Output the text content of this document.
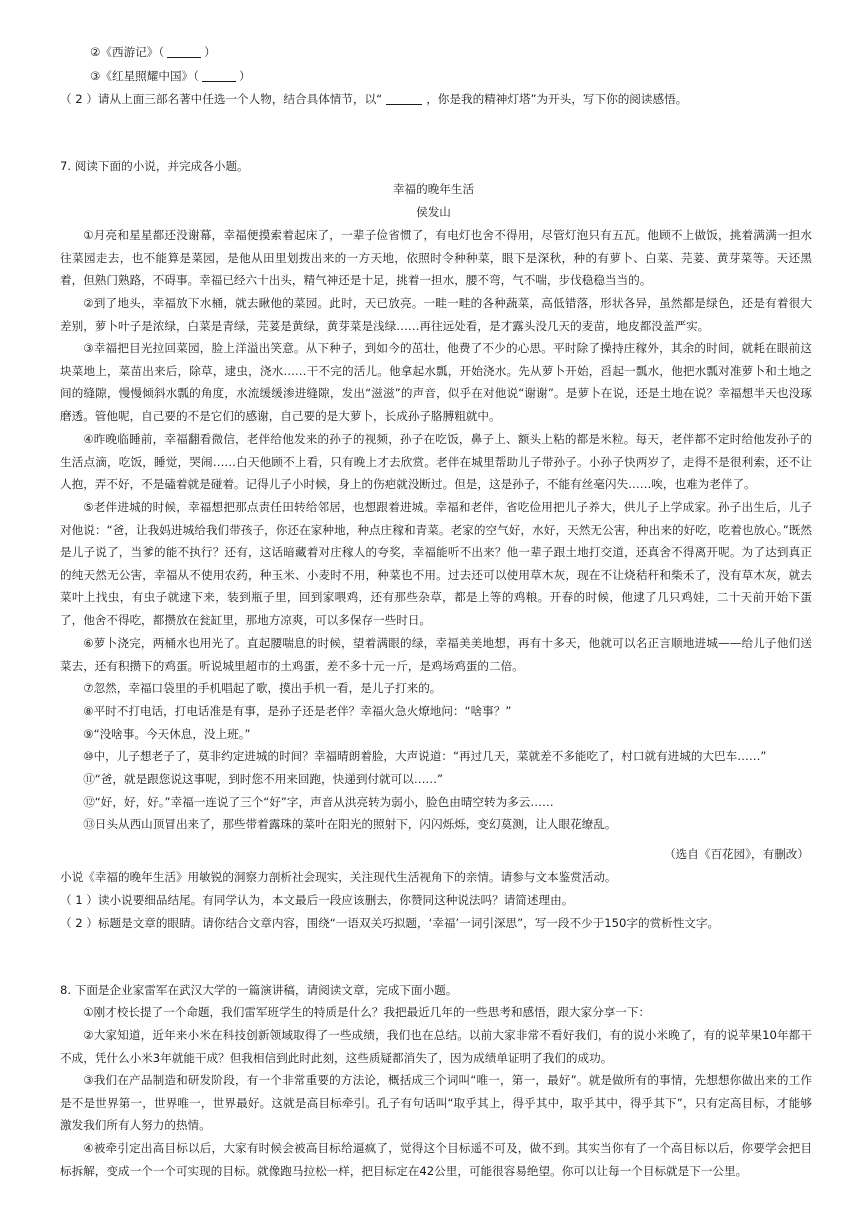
②《西游记》（	）
③《红星照耀中国》（	）
（ 2 ）请从上面三部名著中任选一个人物，结合具体情节，以“	，你是我的精神灯塔”为开头，写下你的阅读感悟。
7. 阅读下面的小说，并完成各小题。
幸福的晚年生活
侯发山
①月亮和星星都还没谢幕，幸福便摸索着起床了，一辈子俭省惯了，有电灯也舍不得用，尽管灯泡只有五瓦。他顾不上做饭，挑着满满一担水往菜园走去，也不能算是菜园，是他从田里划拨出来的一方天地，依照时令种种菜，眼下是深秋，种的有萝卜、白菜、芫荽、黄芽菜等。天还黑着，但熟门熟路，不碍事。幸福已经六十出头，精气神还是十足，挑着一担水，腰不弯，气不喘，步伐稳稳当当的。
②到了地头，幸福放下水桶，就去瞅他的菜园。此时，天已放亮。一畦一畦的各种蔬菜，高低错落，形状各异，虽然都是绿色，还是有着很大差别，萝卜叶子是浓绿，白菜是青绿，芫荽是黄绿，黄芽菜是浅绿……再往远处看，是才露头没几天的麦苗，地皮都没盖严实。
③幸福把目光拉回菜园，脸上洋溢出笑意。从下种子，到如今的茁壮，他费了不少的心思。平时除了操持庄稼外，其余的时间，就耗在眼前这块菜地上，菜苗出来后，除草，逮虫，浇水……干不完的活儿。他拿起水瓢，开始浇水。先从萝卜开始，舀起一瓢水，他把水瓢对准萝卜和土地之间的缝隙，慢慢倾斜水瓢的角度，水流缓缓渗进缝隙，发出“滋滋”的声音，似乎在对他说“谢谢”。是萝卜在说，还是土地在说？幸福想半天也没琢磨透。管他呢，自己要的不是它们的感谢，自己要的是大萝卜，长成孙子胳膊粗就中。
④昨晚临睡前，幸福翻看微信，老伴给他发来的孙子的视频，孙子在吃饭，鼻子上、额头上粘的都是米粒。每天，老伴都不定时给他发孙子的生活点滴，吃饭，睡觉，哭闹……白天他顾不上看，只有晚上才去欣赏。老伴在城里帮助儿子带孙子。小孙子快两岁了，走得不是很利索，还不让人抱，弄不好，不是磕着就是碰着。记得儿子小时候，身上的伤疤就没断过。但是，这是孙子，不能有丝毫闪失……唉，也难为老伴了。
⑤老伴进城的时候，幸福想把那点责任田转给邻居，也想跟着进城。幸福和老伴，省吃俭用把儿子养大，供儿子上学成家。孙子出生后，儿子对他说：“爸，让我妈进城给我们带孩子，你还在家种地，种点庄稼和青菜。老家的空气好，水好，天然无公害，种出来的好吃，吃着也放心。”既然是儿子说了，当爹的能不执行？还有，这话暗藏着对庄稼人的夸奖，幸福能听不出来？他一辈子跟土地打交道，还真舍不得离开呢。为了达到真正的纯天然无公害，幸福从不使用农药，种玉米、小麦时不用，种菜也不用。过去还可以使用草木灰，现在不让烧秸秆和柴禾了，没有草木灰，就去菜叶上找虫，有虫子就逮下来，装到瓶子里，回到家喂鸡，还有那些杂草，都是上等的鸡粮。开春的时候，他逮了几只鸡娃，二十天前开始下蛋了，他舍不得吃，都攒放在瓮缸里，那地方凉爽，可以多保存一些时日。
⑥萝卜浇完，两桶水也用光了。直起腰喘息的时候，望着满眼的绿，幸福美美地想，再有十多天，他就可以名正言顺地进城——给儿子他们送菜去，还有积攒下的鸡蛋。听说城里超市的土鸡蛋，差不多十元一斤，是鸡场鸡蛋的二倍。
⑦忽然，幸福口袋里的手机唱起了歌，摸出手机一看，是儿子打来的。
⑧平时不打电话，打电话准是有事，是孙子还是老伴？幸福火急火燎地问：“啥事？”
⑨“没啥事。今天休息，没上班。”
⑩中，儿子想老子了，莫非约定进城的时间？幸福晴朗着脸，大声说道：“再过几天，菜就差不多能吃了，村口就有进城的大巴车……”
⑪“爸，就是跟您说这事呢，到时您不用来回跑，快递到付就可以……”
⑫“好，好，好。”幸福一连说了三个“好”字，声音从洪亮转为弱小，脸色由晴空转为多云……
⑬日头从西山顶冒出来了，那些带着露珠的菜叶在阳光的照射下，闪闪烁烁，变幻莫测，让人眼花缭乱。
（选自《百花园》，有删改）
小说《幸福的晚年生活》用敏锐的洞察力剖析社会现实，关注现代生活视角下的亲情。请参与文本鉴赏活动。
（ 1 ）读小说要细品结尾。有同学认为，本文最后一段应该删去，你赞同这种说法吗？请简述理由。
（ 2 ）标题是文章的眼睛。请你结合文章内容，围绕“一语双关巧拟题，‘幸福’一词引深思”，写一段不少于150字的赏析性文字。
8. 下面是企业家雷军在武汉大学的一篇演讲稿，请阅读文章，完成下面小题。
①刚才校长提了一个命题，我们雷军班学生的特质是什么？我把最近几年的一些思考和感悟，跟大家分享一下：
②大家知道，近年来小米在科技创新领域取得了一些成绩，我们也在总结。以前大家非常不看好我们，有的说小米晚了，有的说苹果10年都干不成，凭什么小米3年就能干成？但我相信到此时此刻，这些质疑都消失了，因为成绩单证明了我们的成功。
③我们在产品制造和研发阶段，有一个非常重要的方法论，概括成三个词叫“唯一，第一，最好”。就是做所有的事情，先想想你做出来的工作是不是世界第一，世界唯一，世界最好。这就是高目标牵引。孔子有句话叫“取乎其上，得乎其中，取乎其中，得乎其下”，只有定高目标，才能够激发我们所有人努力的热情。
④被牵引定出高目标以后，大家有时候会被高目标给逼疯了，觉得这个目标遥不可及，做不到。其实当你有了一个高目标以后，你要学会把目标拆解，变成一个一个可实现的目标。就像跑马拉松一样，把目标定在42公里，可能很容易绝望。你可以让每一个目标就是下一公里。
